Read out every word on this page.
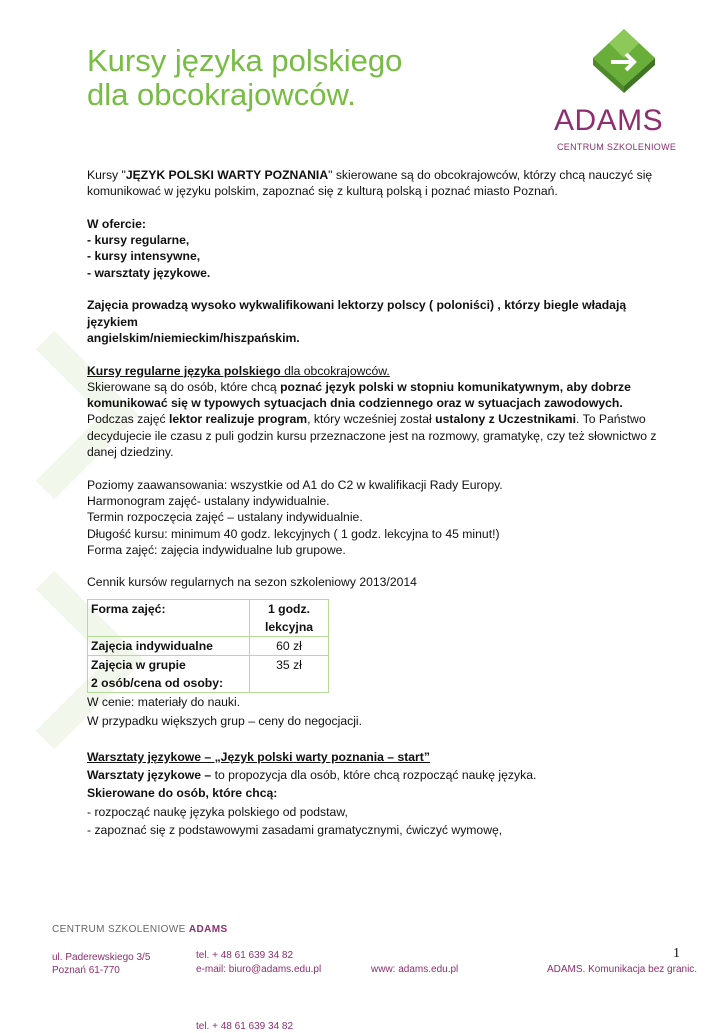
Kursy języka polskiego
dla obcokrajowców.
ADAMS
CENTRUM SZKOLENIOWE

Kursy "JĘZYK POLSKI WARTY POZNANIA" skierowane są do obcokrajowców, którzy chcą nauczyć się
komunikować w języku polskim, zapoznać się z kulturą polską i poznać miasto Poznań.

W ofercie:

- kursy regularne,

- kursy intensywne,

- warsztaty językowe.

Zajęcia prowadzą wysoko wykwalifikowani lektorzy polscy ( poloniści) , którzy biegle władają językiem
angielskim/niemieckim/hiszpańskim.

Kursy regularne języka polskiego dla obcokrajowców.

Skierowane są do osób, które chcą poznać język polski w stopniu komunikatywnym, aby dobrze
komunikować się w typowych sytuacjach dnia codziennego oraz w sytuacjach zawodowych.
Podczas zajęć lektor realizuje program, który wcześniej został ustalony z Uczestnikami. To Państwo
decydujecie ile czasu z puli godzin kursu przeznaczone jest na rozmowy, gramatykę, czy też słownictwo z
danej dziedziny.

Poziomy zaawansowania: wszystkie od A1 do C2 w kwalifikacji Rady Europy.

Harmonogram zajęć- ustalany indywidualnie.

Termin rozpoczęcia zajęć – ustalany indywidualnie.

Długość kursu: minimum 40 godz. lekcyjnych ( 1 godz. lekcyjna to 45 minut!)

Forma zajęć: zajęcia indywidualne lub grupowe.

Cennik kursów regularnych na sezon szkoleniowy 2013/2014

Forma zajęć:	1 godz.
lekcyjna
Zajęcia indywidualne	60 zł
Zajęcia w grupie
2 osób/cena od osoby:	35 zł

W cenie: materiały do nauki.

W przypadku większych grup – ceny do negocjacji.

Warsztaty językowe – „Język polski warty poznania – start”

Warsztaty językowe – to propozycja dla osób, które chcą rozpocząć naukę języka.

Skierowane do osób, które chcą:

- rozpocząć naukę języka polskiego od podstaw,

- zapoznać się z podstawowymi zasadami gramatycznymi, ćwiczyć wymowę,

CENTRUM SZKOLENIOWE ADAMS
ul. Paderewskiego 3/5
Poznań 61-770
tel. + 48 61 639 34 82
e-mail: biuro@adams.edu.pl	www: adams.edu.pl	ADAMS. Komunikacja bez granic.
1
tel. + 48 61 639 34 82
